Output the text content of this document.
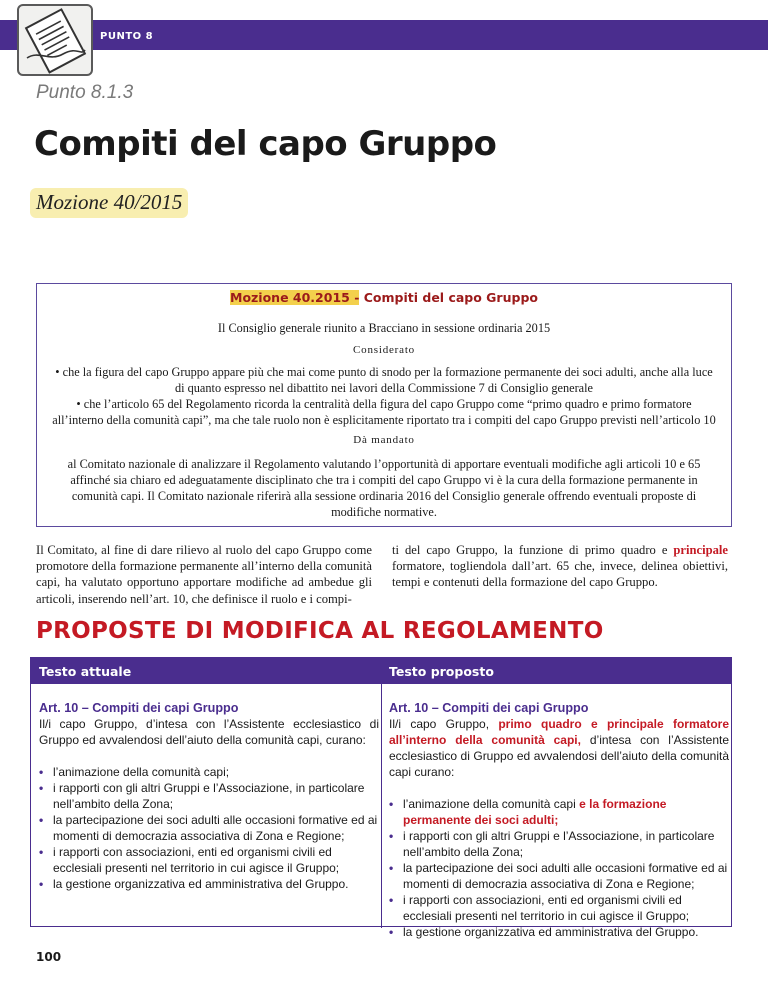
PUNTO 8
Punto 8.1.3
Compiti del capo Gruppo
Mozione 40/2015
Mozione 40.2015 - Compiti del capo Gruppo
Il Consiglio generale riunito a Bracciano in sessione ordinaria 2015
Considerato
• che la figura del capo Gruppo appare più che mai come punto di snodo per la formazione permanente dei soci adulti, anche alla luce di quanto espresso nel dibattito nei lavori della Commissione 7 di Consiglio generale
• che l’articolo 65 del Regolamento ricorda la centralità della figura del capo Gruppo come “primo quadro e primo formatore all’interno della comunità capi”, ma che tale ruolo non è esplicitamente riportato tra i compiti del capo Gruppo previsti nell’articolo 10
Dà mandato
al Comitato nazionale di analizzare il Regolamento valutando l’opportunità di apportare eventuali modifiche agli articoli 10 e 65 affinché sia chiaro ed adeguatamente disciplinato che tra i compiti del capo Gruppo vi è la cura della formazione permanente in comunità capi. Il Comitato nazionale riferirà alla sessione ordinaria 2016 del Consiglio generale offrendo eventuali proposte di modifiche normative.
Il Comitato, al fine di dare rilievo al ruolo del capo Gruppo come promotore della formazione permanente all’interno della comunità capi, ha valutato opportuno apportare modifiche ad ambedue gli articoli, inserendo nell’art. 10, che definisce il ruolo e i compi-
ti del capo Gruppo, la funzione di primo quadro e principale formatore, togliendola dall’art. 65 che, invece, delinea obiettivi, tempi e contenuti della formazione del capo Gruppo.
PROPOSTE DI MODIFICA AL REGOLAMENTO
Testo attuale	Testo proposto
Art. 10 – Compiti dei capi Gruppo

Il/i capo Gruppo, d’intesa con l’Assistente ecclesiastico di Gruppo ed avvalendosi dell’aiuto della comunità capi, curano:

• l’animazione della comunità capi;
• i rapporti con gli altri Gruppi e l’Associazione, in particolare nell’ambito della Zona;
• la partecipazione dei soci adulti alle occasioni formative ed ai momenti di democrazia associativa di Zona e Regione;
• i rapporti con associazioni, enti ed organismi civili ed ecclesiali presenti nel territorio in cui agisce il Gruppo;
• la gestione organizzativa ed amministrativa del Gruppo.
Art. 10 – Compiti dei capi Gruppo

Il/i capo Gruppo, primo quadro e principale formatore all’interno della comunità capi, d’intesa con l’Assistente ecclesiastico di Gruppo ed avvalendosi dell’aiuto della comunità capi curano:

• l’animazione della comunità capi e la formazione permanente dei soci adulti;
• i rapporti con gli altri Gruppi e l’Associazione, in particolare nell’ambito della Zona;
• la partecipazione dei soci adulti alle occasioni formative ed ai momenti di democrazia associativa di Zona e Regione;
• i rapporti con associazioni, enti ed organismi civili ed ecclesiali presenti nel territorio in cui agisce il Gruppo;
• la gestione organizzativa ed amministrativa del Gruppo.
100
